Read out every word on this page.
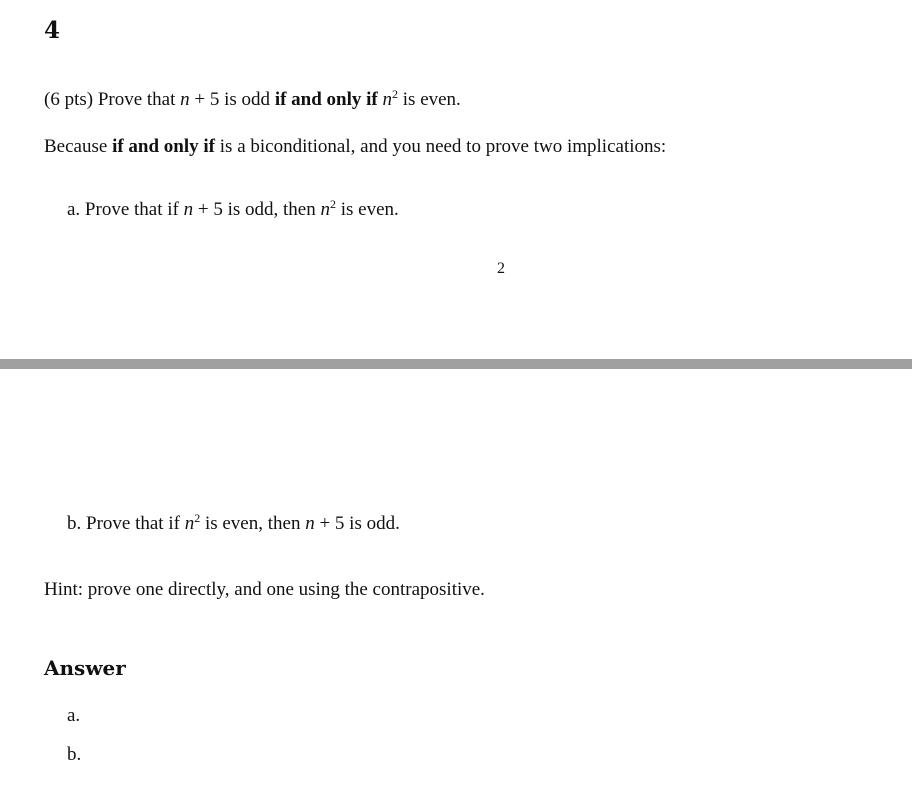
4
(6 pts) Prove that n + 5 is odd if and only if $n^2$ is even.
Because if and only if is a biconditional, and you need to prove two implications:
a. Prove that if n + 5 is odd, then $n^2$ is even.
2
b. Prove that if $n^2$ is even, then n + 5 is odd.
Hint: prove one directly, and one using the contrapositive.
Answer
a.
b.
